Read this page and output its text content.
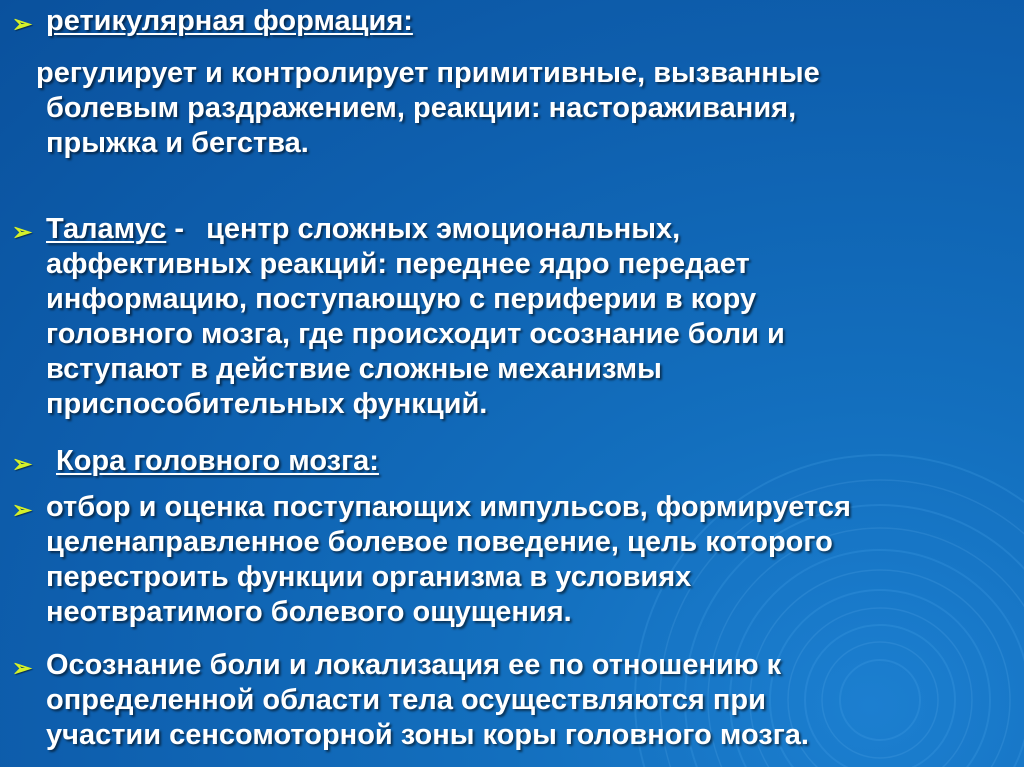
➢ ретикулярная формация:
регулирует и контролирует примитивные, вызванные
болевым раздражением, реакции: настораживания,
прыжка и бегства.
➢ Таламус - центр сложных эмоциональных,
аффективных реакций: переднее ядро передает
информацию, поступающую с периферии в кору
головного мозга, где происходит осознание боли и
вступают в действие сложные механизмы
приспособительных функций.
➢ Кора головного мозга:
➢ отбор и оценка поступающих импульсов, формируется
целенаправленное болевое поведение, цель которого
перестроить функции организма в условиях
неотвратимого болевого ощущения.
➢ Осознание боли и локализация ее по отношению к
определенной области тела осуществляются при
участии сенсомоторной зоны коры головного мозга.
